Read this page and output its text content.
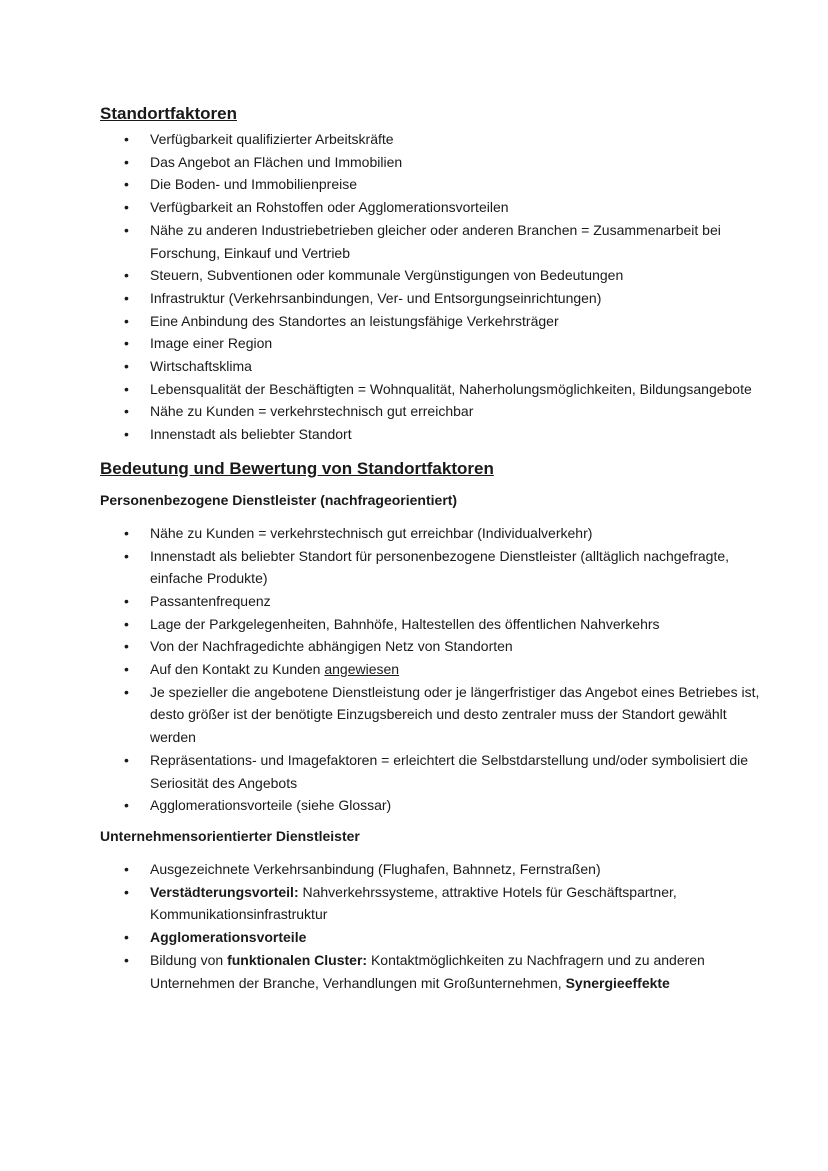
Standortfaktoren
• Verfügbarkeit qualifizierter Arbeitskräfte
• Das Angebot an Flächen und Immobilien
• Die Boden- und Immobilienpreise
• Verfügbarkeit an Rohstoffen oder Agglomerationsvorteilen
• Nähe zu anderen Industriebetrieben gleicher oder anderen Branchen = Zusammenarbeit bei Forschung, Einkauf und Vertrieb
• Steuern, Subventionen oder kommunale Vergünstigungen von Bedeutungen
• Infrastruktur (Verkehrsanbindungen, Ver- und Entsorgungseinrichtungen)
• Eine Anbindung des Standortes an leistungsfähige Verkehrsträger
• Image einer Region
• Wirtschaftsklima
• Lebensqualität der Beschäftigten = Wohnqualität, Naherholungsmöglichkeiten, Bildungsangebote
• Nähe zu Kunden = verkehrstechnisch gut erreichbar
• Innenstadt als beliebter Standort
Bedeutung und Bewertung von Standortfaktoren
Personenbezogene Dienstleister (nachfrageorientiert)
• Nähe zu Kunden = verkehrstechnisch gut erreichbar (Individualverkehr)
• Innenstadt als beliebter Standort für personenbezogene Dienstleister (alltäglich nachgefragte, einfache Produkte)
• Passantenfrequenz
• Lage der Parkgelegenheiten, Bahnhöfe, Haltestellen des öffentlichen Nahverkehrs
• Von der Nachfragedichte abhängigen Netz von Standorten
• Auf den Kontakt zu Kunden angewiesen
• Je spezieller die angebotene Dienstleistung oder je längerfristiger das Angebot eines Betriebes ist, desto größer ist der benötigte Einzugsbereich und desto zentraler muss der Standort gewählt werden
• Repräsentations- und Imagefaktoren = erleichtert die Selbstdarstellung und/oder symbolisiert die Seriosität des Angebots
• Agglomerationsvorteile (siehe Glossar)
Unternehmensorientierter Dienstleister
• Ausgezeichnete Verkehrsanbindung (Flughafen, Bahnnetz, Fernstraßen)
• Verstädterungsvorteil: Nahverkehrssysteme, attraktive Hotels für Geschäftspartner, Kommunikationsinfrastruktur
• Agglomerationsvorteile
• Bildung von funktionalen Cluster: Kontaktmöglichkeiten zu Nachfragern und zu anderen Unternehmen der Branche, Verhandlungen mit Großunternehmen, Synergieeffekte
